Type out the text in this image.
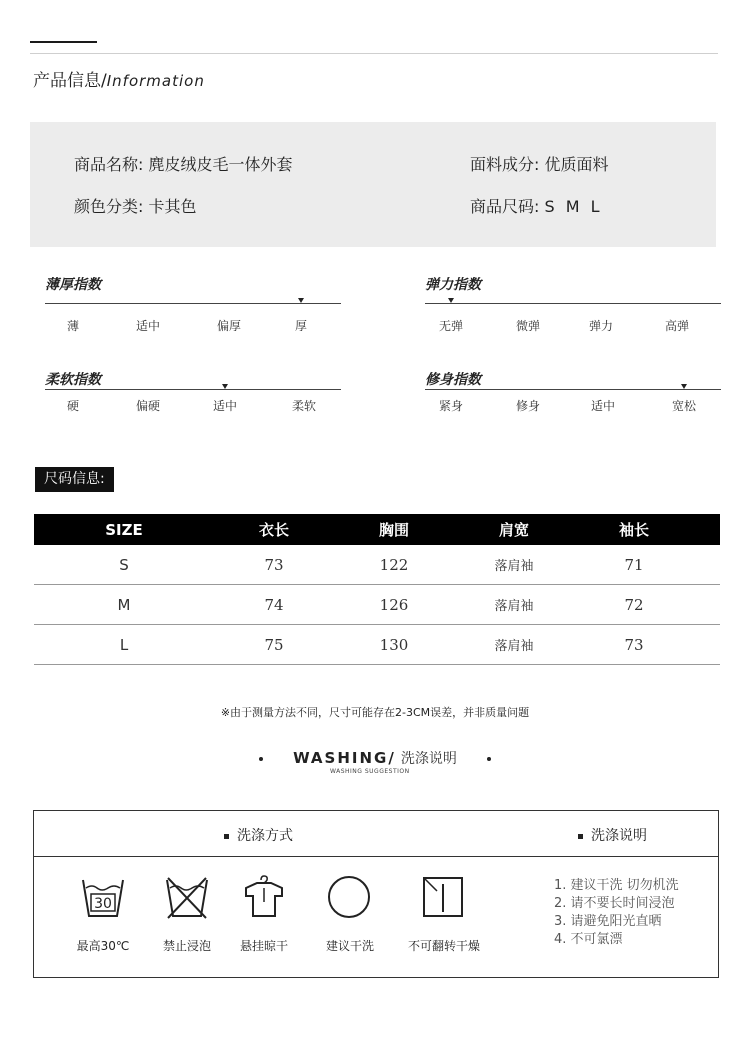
产品信息/Information
商品名称: 麂皮绒皮毛一体外套	面料成分: 优质面料
颜色分类: 卡其色	商品尺码: S M L
薄厚指数
薄	适中	偏厚	厚
弹力指数
无弹	微弹	弹力	高弹
柔软指数
硬	偏硬	适中	柔软
修身指数
紧身	修身	适中	宽松
尺码信息:
SIZE	衣长	胸围	肩宽	袖长	
S	73	122	落肩袖	71	
M	74	126	落肩袖	72	
L	75	130	落肩袖	73	
※由于测量方法不同，尺寸可能存在2-3CM误差，并非质量问题
WASHING/ 洗涤说明
WASHING SUGGESTION
洗涤方式	洗涤说明
30
最高30℃	禁止浸泡 悬挂晾干	建议干洗	不可翻转干燥
1. 建议干洗 切勿机洗
2. 请不要长时间浸泡
3. 请避免阳光直晒
4. 不可氯漂
